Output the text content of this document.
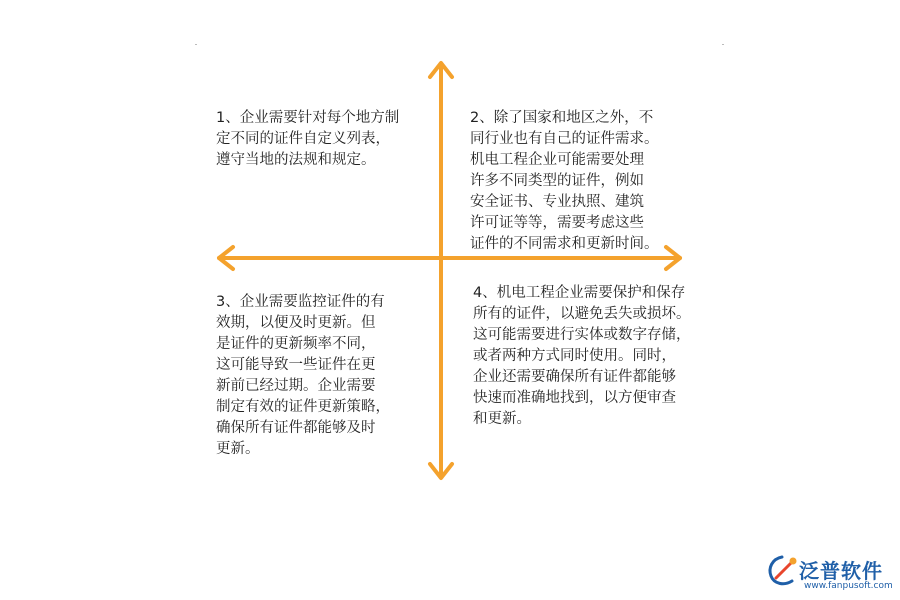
1、企业需要针对每个地方制
定不同的证件自定义列表，
遵守当地的法规和规定。

2、除了国家和地区之外，不
同行业也有自己的证件需求。
机电工程企业可能需要处理
许多不同类型的证件，例如
安全证书、专业执照、建筑
许可证等等，需要考虑这些
证件的不同需求和更新时间。

3、企业需要监控证件的有
效期，以便及时更新。但
是证件的更新频率不同，
这可能导致一些证件在更
新前已经过期。企业需要
制定有效的证件更新策略，
确保所有证件都能够及时
更新。

4、机电工程企业需要保护和保存
所有的证件，以避免丢失或损坏。
这可能需要进行实体或数字存储，
或者两种方式同时使用。同时，
企业还需要确保所有证件都能够
快速而准确地找到，以方便审查
和更新。

泛普软件
www.fanpusoft.com
